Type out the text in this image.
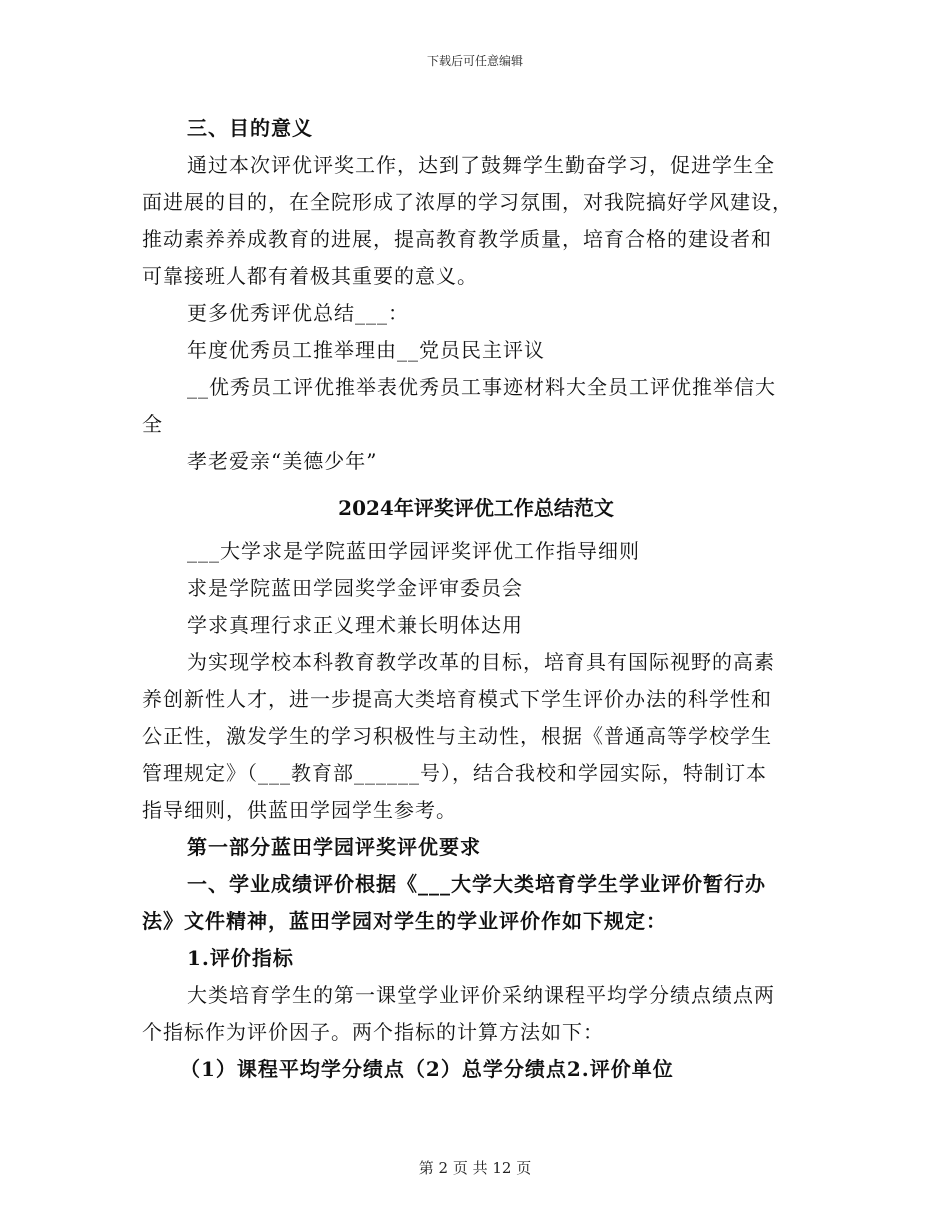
下载后可任意编辑
三、目的意义
通过本次评优评奖工作，达到了鼓舞学生勤奋学习，促进学生全
面进展的目的，在全院形成了浓厚的学习氛围，对我院搞好学风建设，
推动素养养成教育的进展，提高教育教学质量，培育合格的建设者和
可靠接班人都有着极其重要的意义。
更多优秀评优总结___：
年度优秀员工推举理由__党员民主评议
__优秀员工评优推举表优秀员工事迹材料大全员工评优推举信大
全
孝老爱亲“美德少年”
2024年评奖评优工作总结范文
___大学求是学院蓝田学园评奖评优工作指导细则
求是学院蓝田学园奖学金评审委员会
学求真理行求正义理术兼长明体达用
为实现学校本科教育教学改革的目标，培育具有国际视野的高素
养创新性人才，进一步提高大类培育模式下学生评价办法的科学性和
公正性，激发学生的学习积极性与主动性，根据《普通高等学校学生
管理规定》（___教育部______号），结合我校和学园实际，特制订本
指导细则，供蓝田学园学生参考。
第一部分蓝田学园评奖评优要求
一、学业成绩评价根据《___大学大类培育学生学业评价暂行办
法》文件精神，蓝田学园对学生的学业评价作如下规定：
1.评价指标
大类培育学生的第一课堂学业评价采纳课程平均学分绩点绩点两
个指标作为评价因子。两个指标的计算方法如下：
（1）课程平均学分绩点（2）总学分绩点2.评价单位
第 2 页 共 12 页
